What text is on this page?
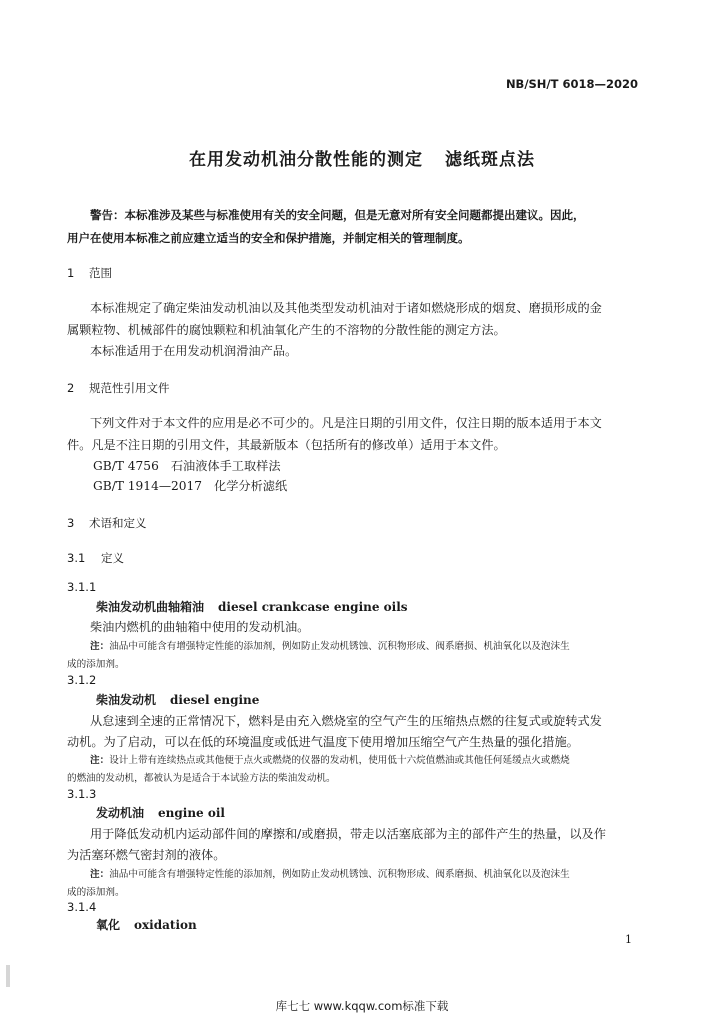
NB/SH/T 6018—2020
在用发动机油分散性能的测定 滤纸斑点法
警告：本标准涉及某些与标准使用有关的安全问题，但是无意对所有安全问题都提出建议。因此，
用户在使用本标准之前应建立适当的安全和保护措施，并制定相关的管理制度。
1 范围
本标准规定了确定柴油发动机油以及其他类型发动机油对于诸如燃烧形成的烟炱、磨损形成的金
属颗粒物、机械部件的腐蚀颗粒和机油氧化产生的不溶物的分散性能的测定方法。
本标准适用于在用发动机润滑油产品。
2 规范性引用文件
下列文件对于本文件的应用是必不可少的。凡是注日期的引用文件，仅注日期的版本适用于本文
件。凡是不注日期的引用文件，其最新版本（包括所有的修改单）适用于本文件。
GB/T 4756 石油液体手工取样法
GB/T 1914—2017 化学分析滤纸
3 术语和定义
3.1 定义
3.1.1
柴油发动机曲轴箱油 diesel crankcase engine oils
柴油内燃机的曲轴箱中使用的发动机油。
注：油品中可能含有增强特定性能的添加剂，例如防止发动机锈蚀、沉积物形成、阀系磨损、机油氧化以及泡沫生
成的添加剂。
3.1.2
柴油发动机 diesel engine
从怠速到全速的正常情况下，燃料是由充入燃烧室的空气产生的压缩热点燃的往复式或旋转式发
动机。为了启动，可以在低的环境温度或低进气温度下使用增加压缩空气产生热量的强化措施。
注：设计上带有连续热点或其他便于点火或燃烧的仪器的发动机，使用低十六烷值燃油或其他任何延缓点火或燃烧
的燃油的发动机，都被认为是适合于本试验方法的柴油发动机。
3.1.3
发动机油 engine oil
用于降低发动机内运动部件间的摩擦和/或磨损，带走以活塞底部为主的部件产生的热量，以及作
为活塞环燃气密封剂的液体。
注：油品中可能含有增强特定性能的添加剂，例如防止发动机锈蚀、沉积物形成、阀系磨损、机油氧化以及泡沫生
成的添加剂。
3.1.4
氧化 oxidation
1
库七七 www.kqqw.com标准下载
